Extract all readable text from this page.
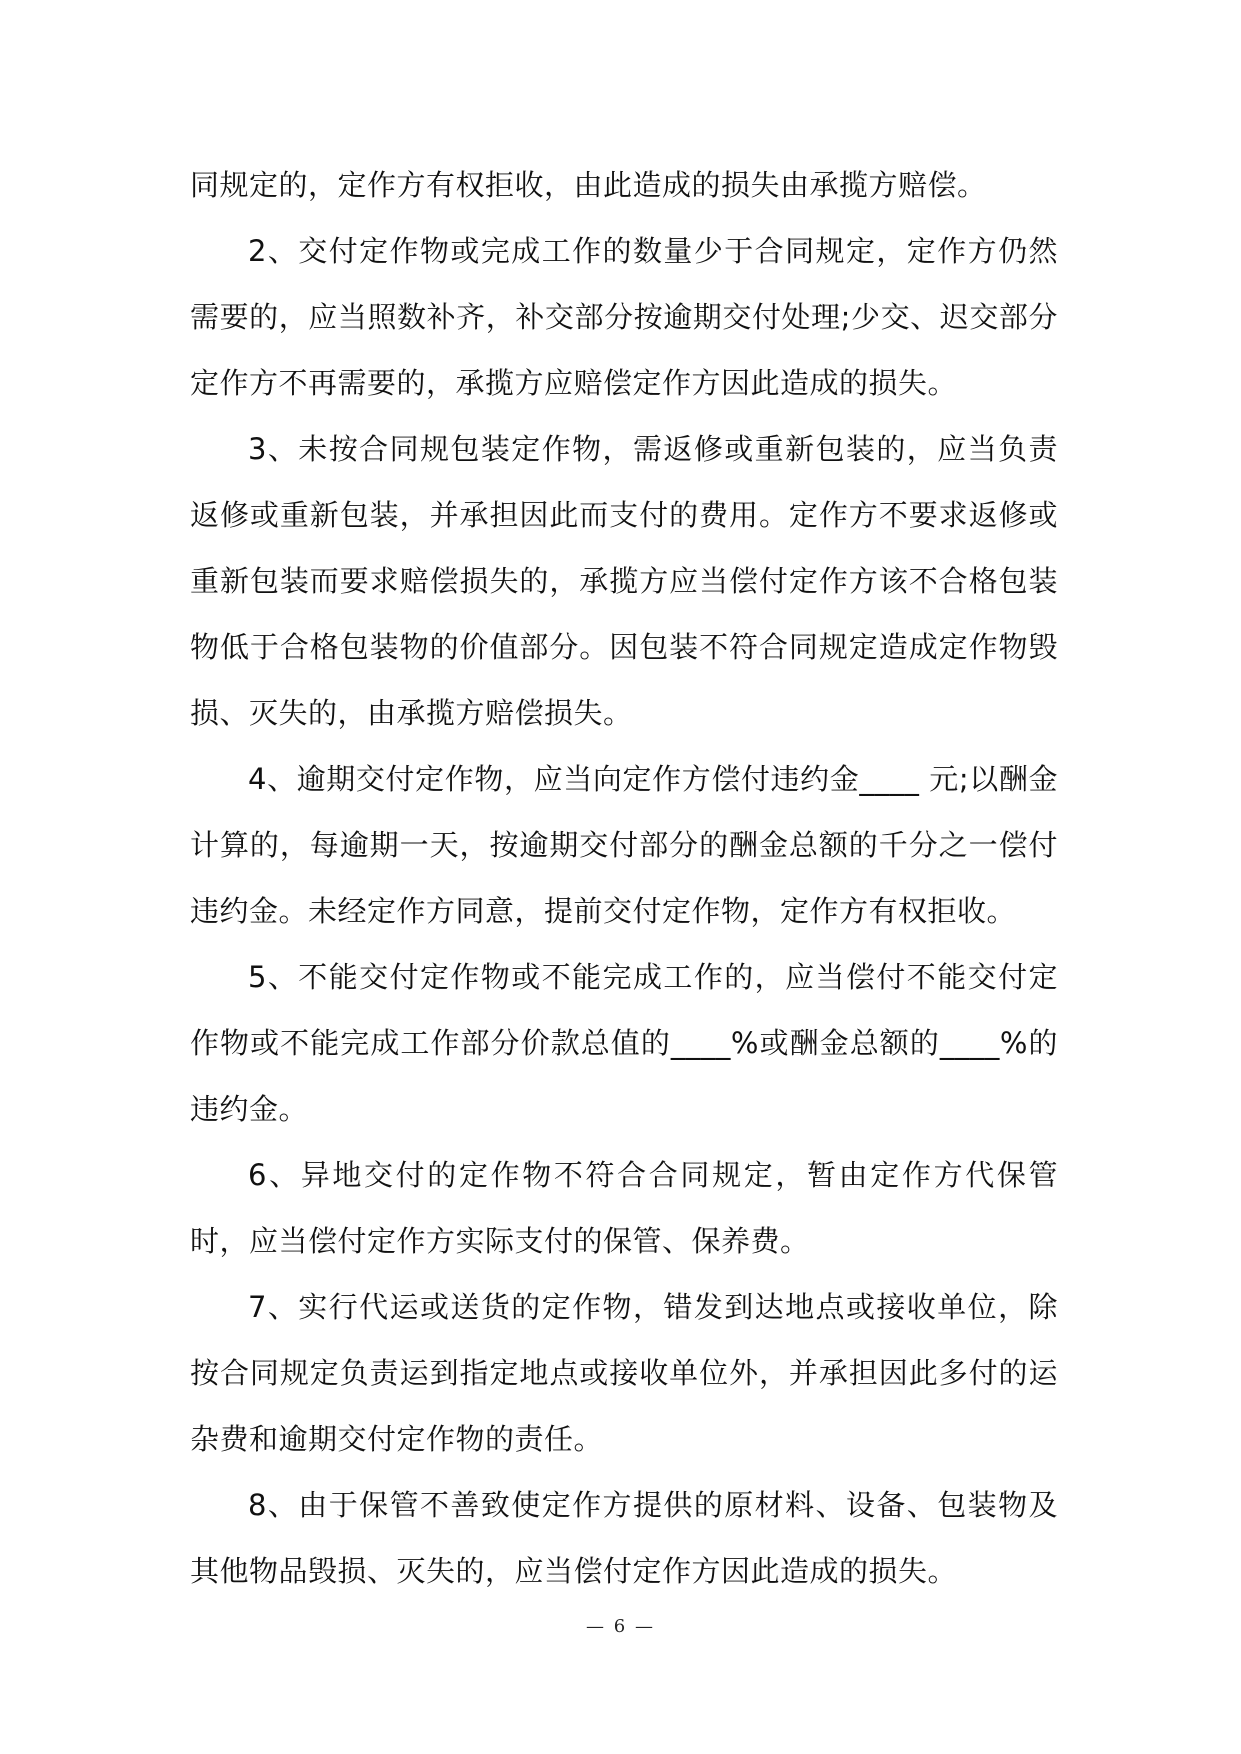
同规定的，定作方有权拒收，由此造成的损失由承揽方赔偿。

2、交付定作物或完成工作的数量少于合同规定，定作方仍然需要的，应当照数补齐，补交部分按逾期交付处理;少交、迟交部分定作方不再需要的，承揽方应赔偿定作方因此造成的损失。

3、未按合同规包装定作物，需返修或重新包装的，应当负责返修或重新包装，并承担因此而支付的费用。定作方不要求返修或重新包装而要求赔偿损失的，承揽方应当偿付定作方该不合格包装物低于合格包装物的价值部分。因包装不符合同规定造成定作物毁损、灭失的，由承揽方赔偿损失。

4、逾期交付定作物，应当向定作方偿付违约金____ 元;以酬金计算的，每逾期一天，按逾期交付部分的酬金总额的千分之一偿付违约金。未经定作方同意，提前交付定作物，定作方有权拒收。

5、不能交付定作物或不能完成工作的，应当偿付不能交付定作物或不能完成工作部分价款总值的____%或酬金总额的____%的违约金。

6、异地交付的定作物不符合合同规定，暂由定作方代保管时，应当偿付定作方实际支付的保管、保养费。

7、实行代运或送货的定作物，错发到达地点或接收单位，除按合同规定负责运到指定地点或接收单位外，并承担因此多付的运杂费和逾期交付定作物的责任。

8、由于保管不善致使定作方提供的原材料、设备、包装物及其他物品毁损、灭失的，应当偿付定作方因此造成的损失。

— 6 —
